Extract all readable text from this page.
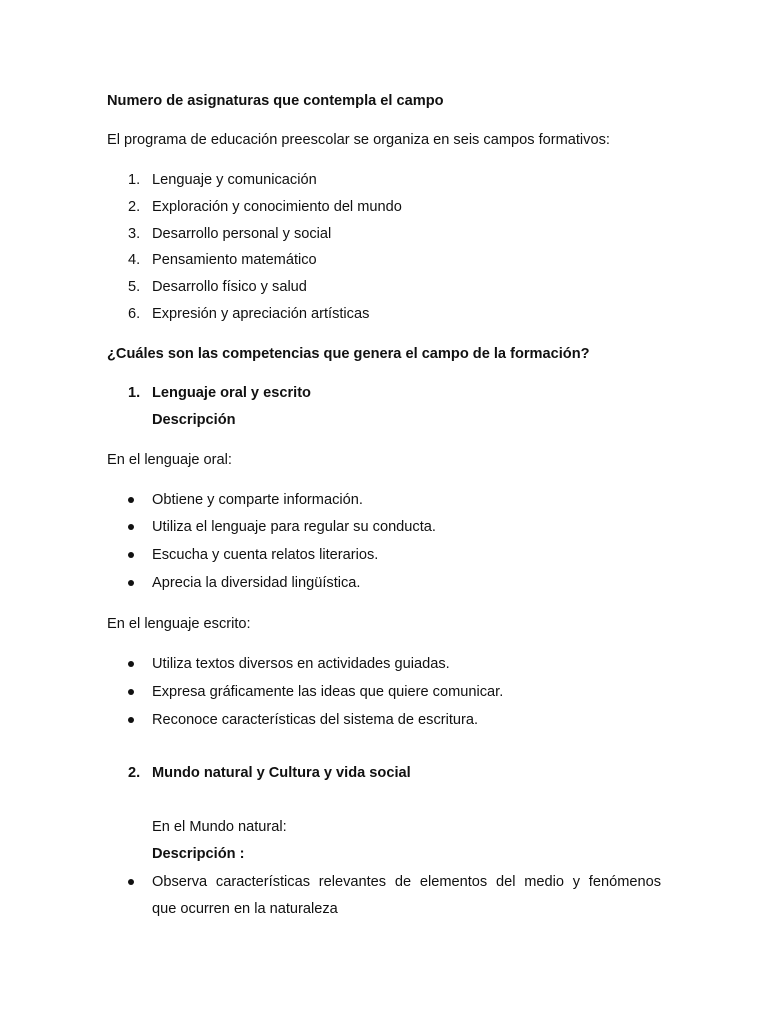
Numero de asignaturas que contempla el campo
El programa de educación preescolar se organiza en seis campos formativos:
1. Lenguaje y comunicación
2. Exploración y conocimiento del mundo
3. Desarrollo personal y social
4. Pensamiento matemático
5. Desarrollo físico y salud
6. Expresión y apreciación artísticas
¿Cuáles son las competencias que genera el campo de la formación?
1. Lenguaje oral y escrito
Descripción
En el lenguaje oral:
Obtiene y comparte información.
Utiliza el lenguaje para regular su conducta.
Escucha y cuenta relatos literarios.
Aprecia la diversidad lingüística.
En el lenguaje escrito:
Utiliza textos diversos en actividades guiadas.
Expresa gráficamente las ideas que quiere comunicar.
Reconoce características del sistema de escritura.
2. Mundo natural y Cultura y vida social
En el Mundo natural:
Descripción :
Observa características relevantes de elementos del medio y fenómenos
que ocurren en la naturaleza
